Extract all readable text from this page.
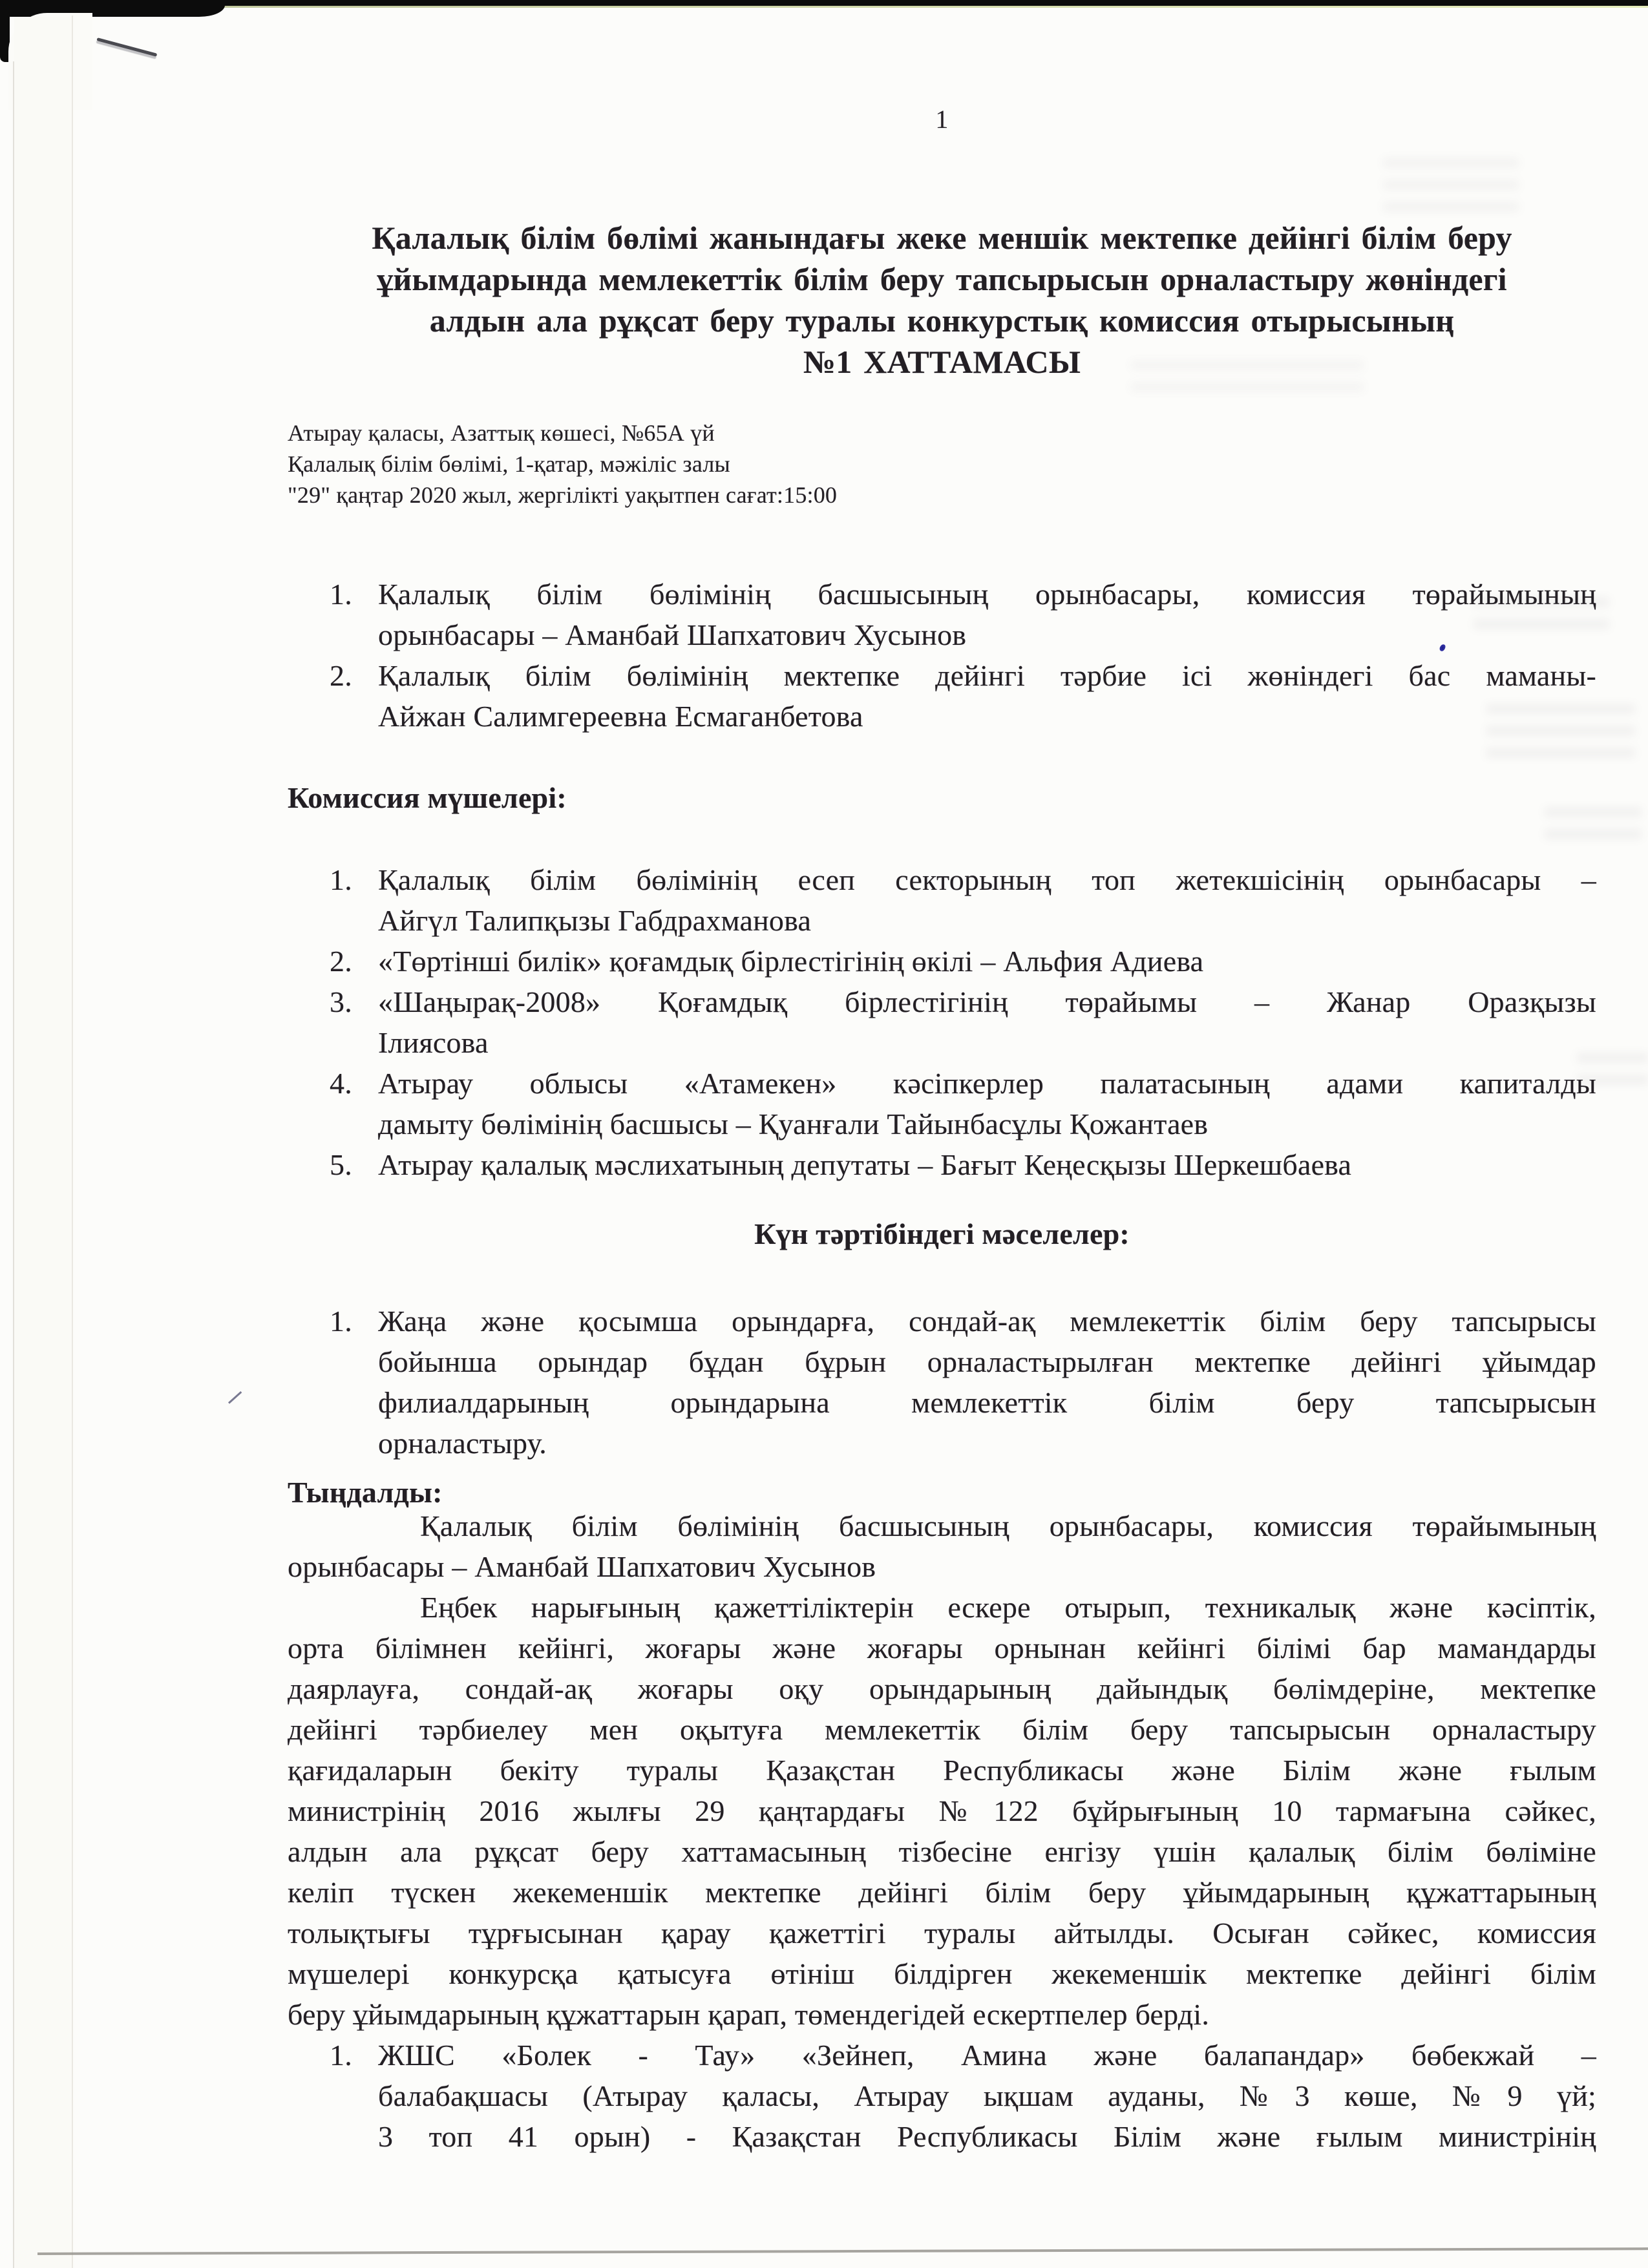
1
Қалалық білім бөлімі жанындағы жеке меншік мектепке дейінгі білім беру
ұйымдарында мемлекеттік білім беру тапсырысын орналастыру жөніндегі
алдын ала рұқсат беру туралы конкурстық комиссия отырысының
№1 ХАТТАМАСЫ
Атырау қаласы, Азаттық көшесі, №65А үй
Қалалық білім бөлімі, 1-қатар, мәжіліс залы
"29" қаңтар 2020 жыл, жергілікті уақытпен сағат:15:00
1. Қалалық білім бөлімінің басшысының орынбасары, комиссия төрайымының
орынбасары – Аманбай Шапхатович Хусынов
2. Қалалық білім бөлімінің мектепке дейінгі тәрбие ісі жөніндегі бас маманы-
Айжан Салимгереевна Есмаганбетова
Комиссия мүшелері:
1. Қалалық білім бөлімінің есеп секторының топ жетекшісінің орынбасары –
Айгүл Талипқызы Габдрахманова
2. «Төртінші билік» қоғамдық бірлестігінің өкілі – Альфия Адиева
3. «Шаңырақ-2008» Қоғамдық бірлестігінің төрайымы – Жанар Оразқызы
Ілиясова
4. Атырау облысы «Атамекен» кәсіпкерлер палатасының адами капиталды
дамыту бөлімінің басшысы – Қуанғали Тайынбасұлы Қожантаев
5. Атырау қалалық мәслихатының депутаты – Бағыт Кеңесқызы Шеркешбаева
Күн тәртібіндегі мәселелер:
1. Жаңа және қосымша орындарға, сондай-ақ мемлекеттік білім беру тапсырысы
бойынша орындар бұдан бұрын орналастырылған мектепке дейінгі ұйымдар
филиалдарының орындарына мемлекеттік білім беру тапсырысын
орналастыру.
Тыңдалды:
Қалалық білім бөлімінің басшысының орынбасары, комиссия төрайымының
орынбасары – Аманбай Шапхатович Хусынов
Еңбек нарығының қажеттіліктерін ескере отырып, техникалық және кәсіптік,
орта білімнен кейінгі, жоғары және жоғары орнынан кейінгі білімі бар мамандарды
даярлауға, сондай-ақ жоғары оқу орындарының дайындық бөлімдеріне, мектепке
дейінгі тәрбиелеу мен оқытуға мемлекеттік білім беру тапсырысын орналастыру
қағидаларын бекіту туралы Қазақстан Республикасы және Білім және ғылым
министрінің 2016 жылғы 29 қаңтардағы №122 бұйрығының 10 тармағына сәйкес,
алдын ала рұқсат беру хаттамасының тізбесіне енгізу үшін қалалық білім бөліміне
келіп түскен жекеменшік мектепке дейінгі білім беру ұйымдарының құжаттарының
толықтығы тұрғысынан қарау қажеттігі туралы айтылды. Осыған сәйкес, комиссия
мүшелері конкурсқа қатысуға өтініш білдірген жекеменшік мектепке дейінгі білім
беру ұйымдарының құжаттарын қарап, төмендегідей ескертпелер берді.
1. ЖШС «Болек - Тау» «Зейнеп, Амина және балапандар» бөбекжай –
балабақшасы (Атырау қаласы, Атырау ықшам ауданы, №3 көше, №9 үй;
3 топ 41 орын) - Қазақстан Республикасы Білім және ғылым министрінің
